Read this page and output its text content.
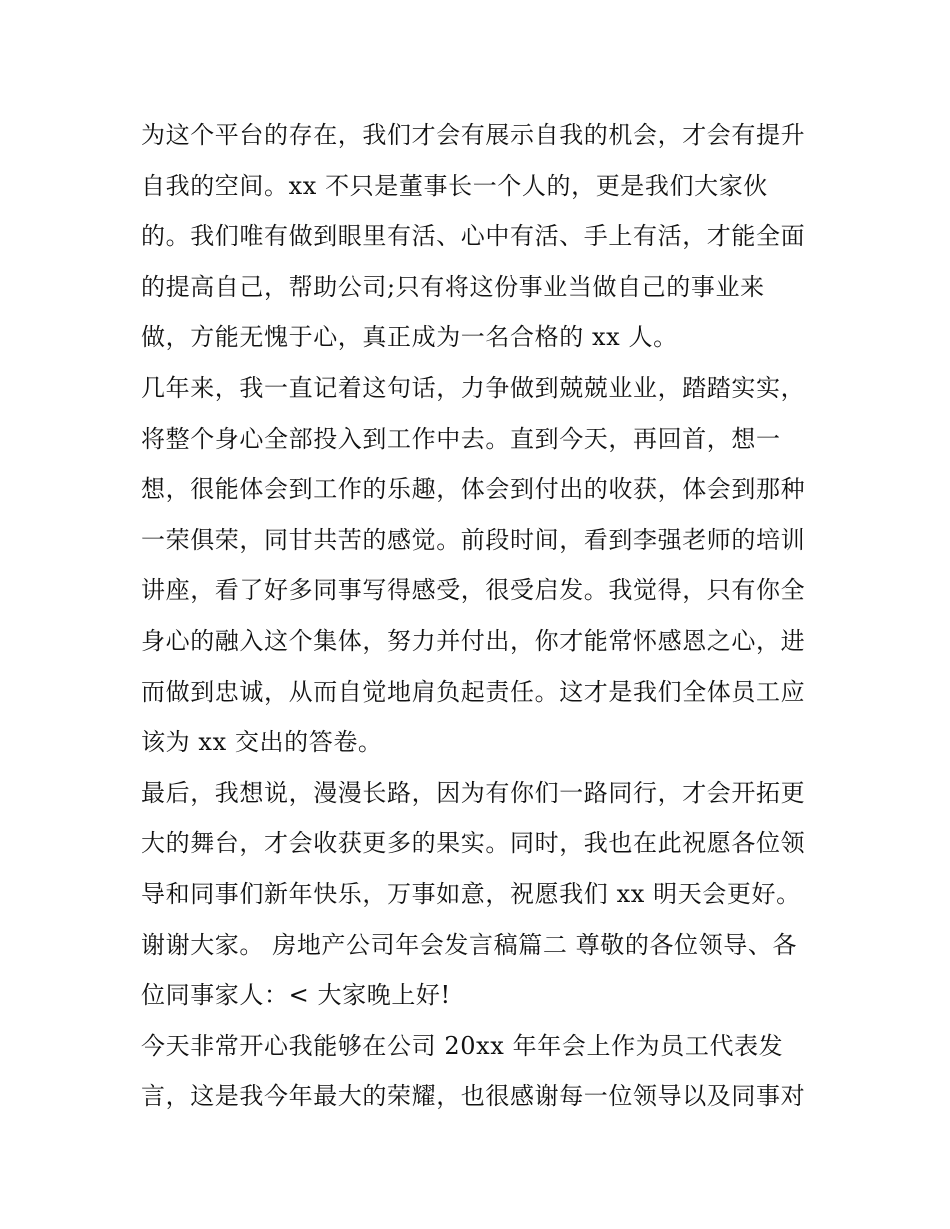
为这个平台的存在，我们才会有展示自我的机会，才会有提升
自我的空间。xx 不只是董事长一个人的，更是我们大家伙
的。我们唯有做到眼里有活、心中有活、手上有活，才能全面
的提高自己，帮助公司;只有将这份事业当做自己的事业来
做，方能无愧于心，真正成为一名合格的 xx 人。
几年来，我一直记着这句话，力争做到兢兢业业，踏踏实实，
将整个身心全部投入到工作中去。直到今天，再回首，想一
想，很能体会到工作的乐趣，体会到付出的收获，体会到那种
一荣俱荣，同甘共苦的感觉。前段时间，看到李强老师的培训
讲座，看了好多同事写得感受，很受启发。我觉得，只有你全
身心的融入这个集体，努力并付出，你才能常怀感恩之心，进
而做到忠诚，从而自觉地肩负起责任。这才是我们全体员工应
该为 xx 交出的答卷。
最后，我想说，漫漫长路，因为有你们一路同行，才会开拓更
大的舞台，才会收获更多的果实。同时，我也在此祝愿各位领
导和同事们新年快乐，万事如意，祝愿我们 xx 明天会更好。
谢谢大家。 房地产公司年会发言稿篇二 尊敬的各位领导、各
位同事家人：< 大家晚上好!
今天非常开心我能够在公司 20xx 年年会上作为员工代表发
言，这是我今年最大的荣耀，也很感谢每一位领导以及同事对
